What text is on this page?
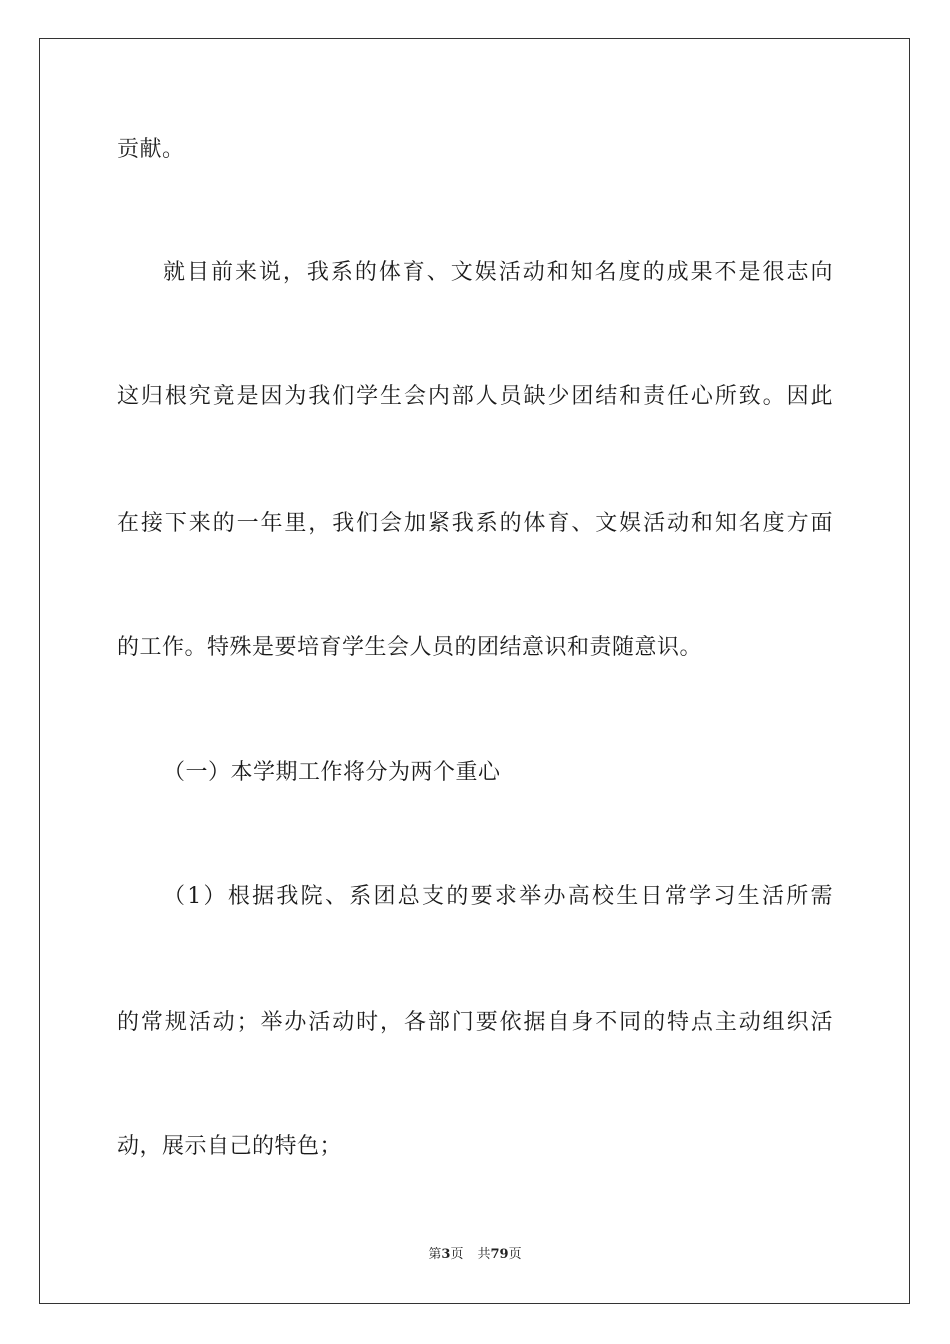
贡献。
就目前来说，我系的体育、文娱活动和知名度的成果不是很志向
这归根究竟是因为我们学生会内部人员缺少团结和责任心所致。因此
在接下来的一年里，我们会加紧我系的体育、文娱活动和知名度方面
的工作。特殊是要培育学生会人员的团结意识和责随意识。
（一）本学期工作将分为两个重心
（1）根据我院、系团总支的要求举办高校生日常学习生活所需
的常规活动；举办活动时，各部门要依据自身不同的特点主动组织活
动，展示自己的特色；
第3页 共79页
